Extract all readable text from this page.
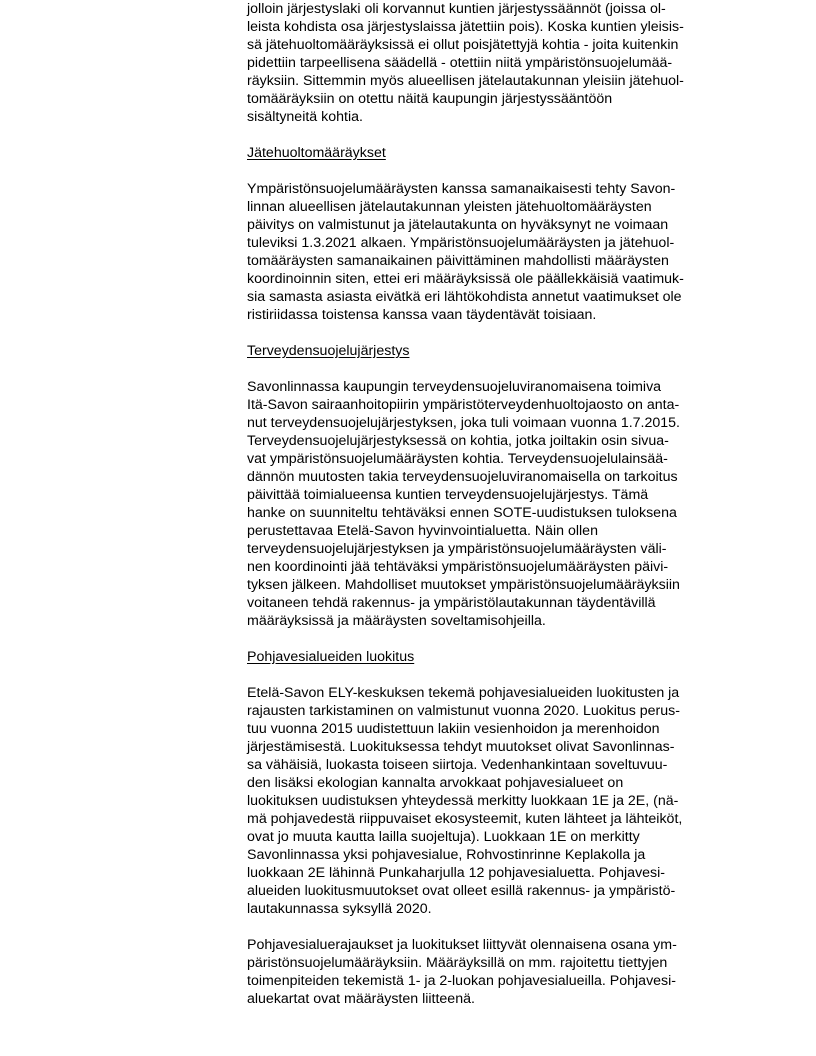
jolloin järjestyslaki oli korvannut kuntien järjestyssäännöt (joissa ol-
leista kohdista osa järjestyslaissa jätettiin pois). Koska kuntien yleisis-
sä jätehuoltomääräyksissä ei ollut poisjätettyjä kohtia - joita kuitenkin
pidettiin tarpeellisena säädellä - otettiin niitä ympäristönsuojelumää-
räyksiin. Sittemmin myös alueellisen jätelautakunnan yleisiin jätehuol-
tomääräyksiin on otettu näitä kaupungin järjestyssääntöön
sisältyneitä kohtia.
Jätehuoltomääräykset
Ympäristönsuojelumääräysten kanssa samanaikaisesti tehty Savon-
linnan alueellisen jätelautakunnan yleisten jätehuoltomääräysten
päivitys on valmistunut ja jätelautakunta on hyväksynyt ne voimaan
tuleviksi 1.3.2021 alkaen. Ympäristönsuojelumääräysten ja jätehuol-
tomääräysten samanaikainen päivittäminen mahdollisti määräysten
koordinoinnin siten, ettei eri määräyksissä ole päällekkäisiä vaatimuk-
sia samasta asiasta eivätkä eri lähtökohdista annetut vaatimukset ole
ristiriidassa toistensa kanssa vaan täydentävät toisiaan.
Terveydensuojelujärjestys
Savonlinnassa kaupungin terveydensuojeluviranomaisena toimiva
Itä-Savon sairaanhoitopiirin ympäristöterveydenhuoltojaosto on anta-
nut terveydensuojelujärjestyksen, joka tuli voimaan vuonna 1.7.2015.
Terveydensuojelujärjestyksessä on kohtia, jotka joiltakin osin sivua-
vat ympäristönsuojelumääräysten kohtia. Terveydensuojelulainsää-
dännön muutosten takia terveydensuojeluviranomaisella on tarkoitus
päivittää toimialueensa kuntien terveydensuojelujärjestys. Tämä
hanke on suunniteltu tehtäväksi ennen SOTE-uudistuksen tuloksena
perustettavaa Etelä-Savon hyvinvointialuetta. Näin ollen
terveydensuojelujärjestyksen ja ympäristönsuojelumääräysten väli-
nen koordinointi jää tehtäväksi ympäristönsuojelumääräysten päivi-
tyksen jälkeen. Mahdolliset muutokset ympäristönsuojelumääräyksiin
voitaneen tehdä rakennus- ja ympäristölautakunnan täydentävillä
määräyksissä ja määräysten soveltamisohjeilla.
Pohjavesialueiden luokitus
Etelä-Savon ELY-keskuksen tekemä pohjavesialueiden luokitusten ja
rajausten tarkistaminen on valmistunut vuonna 2020. Luokitus perus-
tuu vuonna 2015 uudistettuun lakiin vesienhoidon ja merenhoidon
järjestämisestä. Luokituksessa tehdyt muutokset olivat Savonlinnas-
sa vähäisiä, luokasta toiseen siirtoja. Vedenhankintaan soveltuvuu-
den lisäksi ekologian kannalta arvokkaat pohjavesialueet on
luokituksen uudistuksen yhteydessä merkitty luokkaan 1E ja 2E, (nä-
mä pohjavedestä riippuvaiset ekosysteemit, kuten lähteet ja lähteiköt,
ovat jo muuta kautta lailla suojeltuja). Luokkaan 1E on merkitty
Savonlinnassa yksi pohjavesialue, Rohvostinrinne Keplakolla ja
luokkaan 2E lähinnä Punkaharjulla 12 pohjavesialuetta. Pohjavesi-
alueiden luokitusmuutokset ovat olleet esillä rakennus- ja ympäristö-
lautakunnassa syksyllä 2020.
Pohjavesialuerajaukset ja luokitukset liittyvät olennaisena osana ym-
päristönsuojelumääräyksiin. Määräyksillä on mm. rajoitettu tiettyjen
toimenpiteiden tekemistä 1- ja 2-luokan pohjavesialueilla. Pohjavesi-
aluekartat ovat määräysten liitteenä.
